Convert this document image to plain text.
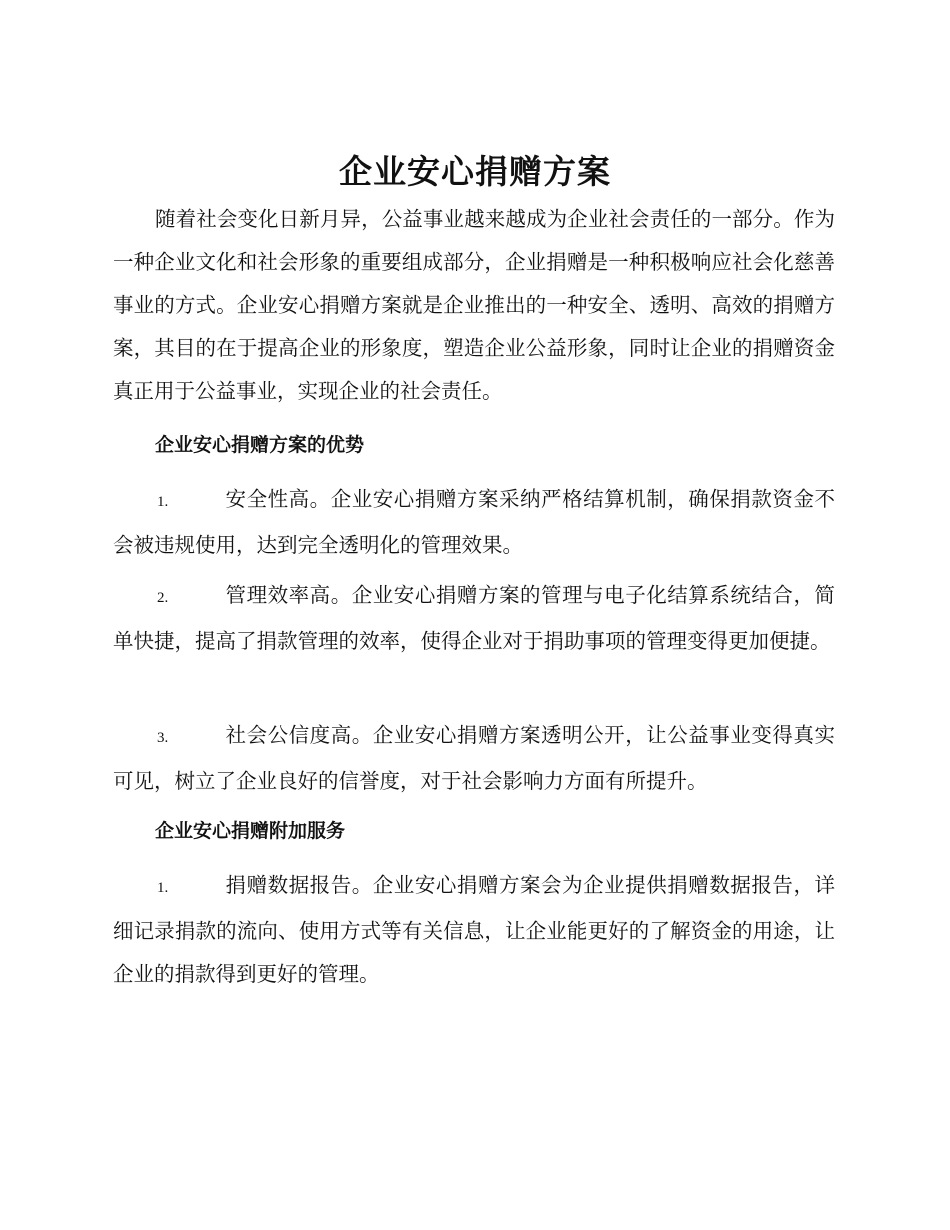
企业安心捐赠方案

随着社会变化日新月异，公益事业越来越成为企业社会责任的一部分。作为一种企业文化和社会形象的重要组成部分，企业捐赠是一种积极响应社会化慈善事业的方式。企业安心捐赠方案就是企业推出的一种安全、透明、高效的捐赠方案，其目的在于提高企业的形象度，塑造企业公益形象，同时让企业的捐赠资金真正用于公益事业，实现企业的社会责任。

企业安心捐赠方案的优势

1.	安全性高。企业安心捐赠方案采纳严格结算机制，确保捐款资金不会被违规使用，达到完全透明化的管理效果。

2.	管理效率高。企业安心捐赠方案的管理与电子化结算系统结合，简单快捷，提高了捐款管理的效率，使得企业对于捐助事项的管理变得更加便捷。

3.	社会公信度高。企业安心捐赠方案透明公开，让公益事业变得真实可见，树立了企业良好的信誉度，对于社会影响力方面有所提升。

企业安心捐赠附加服务

1.	捐赠数据报告。企业安心捐赠方案会为企业提供捐赠数据报告，详细记录捐款的流向、使用方式等有关信息，让企业能更好的了解资金的用途，让企业的捐款得到更好的管理。
